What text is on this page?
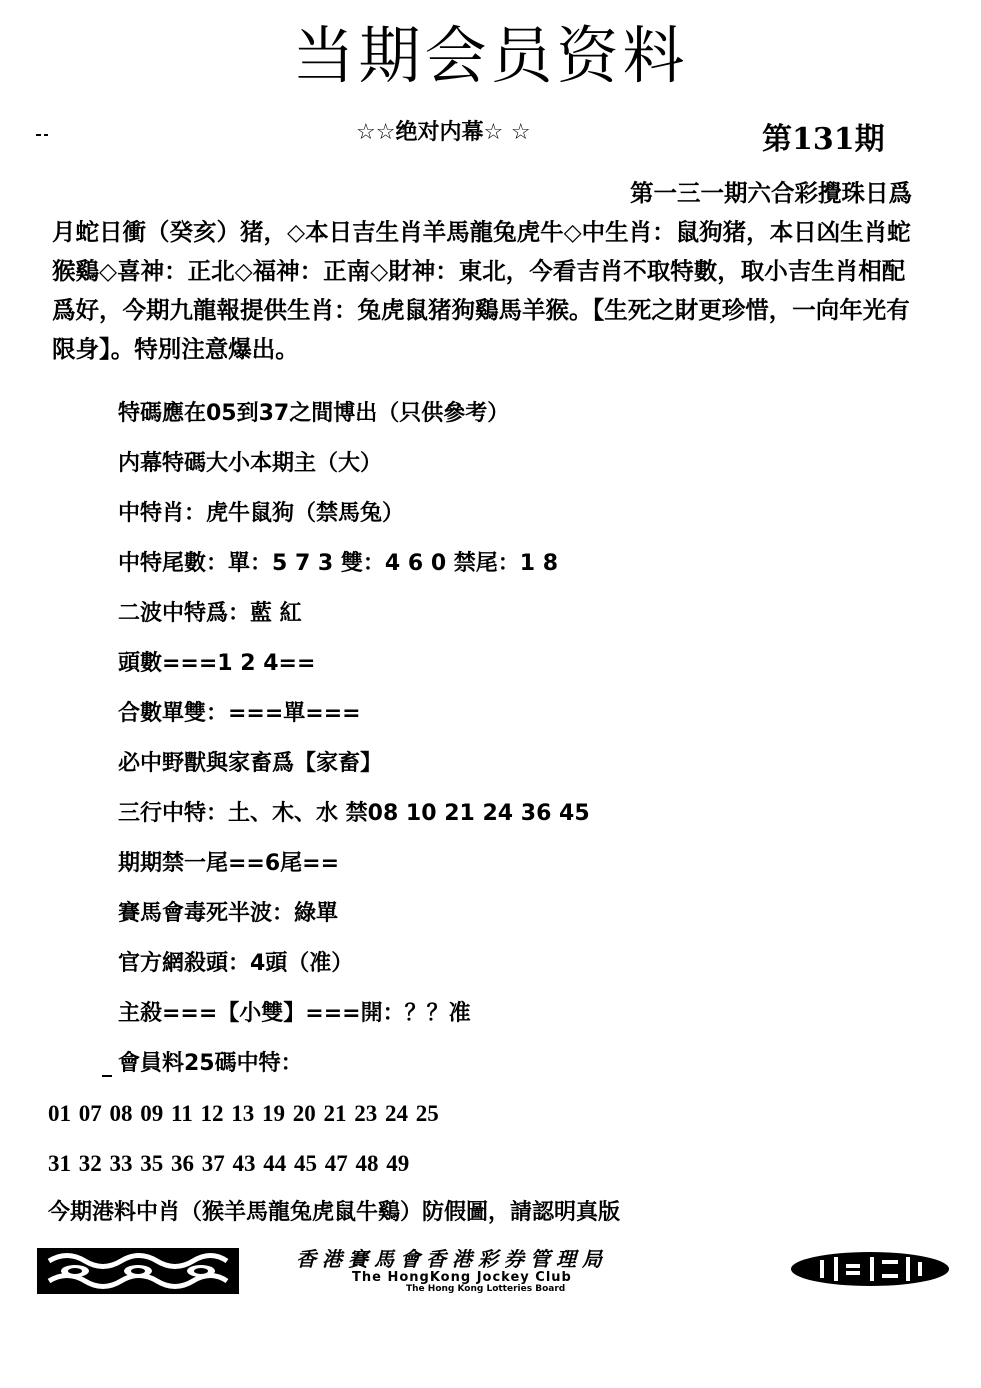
当期会员资料
☆☆绝对内幕☆ ☆	第131期
第一三一期六合彩攪珠日爲
月蛇日衝（癸亥）猪，◇本日吉生肖羊馬龍兔虎牛◇中生肖：鼠狗猪，本日凶生肖蛇猴鷄◇喜神：正北◇福神：正南◇財神：東北，今看吉肖不取特數，取小吉生肖相配爲好，今期九龍報提供生肖：兔虎鼠猪狗鷄馬羊猴。【生死之財更珍惜，一向年光有限身】。特別注意爆出。
特碼應在05到37之間博出（只供參考）
内幕特碼大小本期主（大）
中特肖：虎牛鼠狗（禁馬兔）
中特尾數：單：5 7 3 雙：4 6 0 禁尾：1 8
二波中特爲：藍 紅
頭數===1 2 4==
合數單雙：===單===
必中野獸與家畜爲【家畜】
三行中特：土、木、水 禁08 10 21 24 36 45
期期禁一尾==6尾==
賽馬會毒死半波：綠單
官方網殺頭：4頭（准）
主殺===【小雙】===開：？？准
會員料25碼中特：
01 07 08 09 11 12 13 19 20 21 23 24 25
31 32 33 35 36 37 43 44 45 47 48 49
今期港料中肖（猴羊馬龍兔虎鼠牛鷄）防假圖，請認明真版
香港賽馬會香港彩券管理局
The HongKong Jockey Club
The Hong Kong Lotteries Board
